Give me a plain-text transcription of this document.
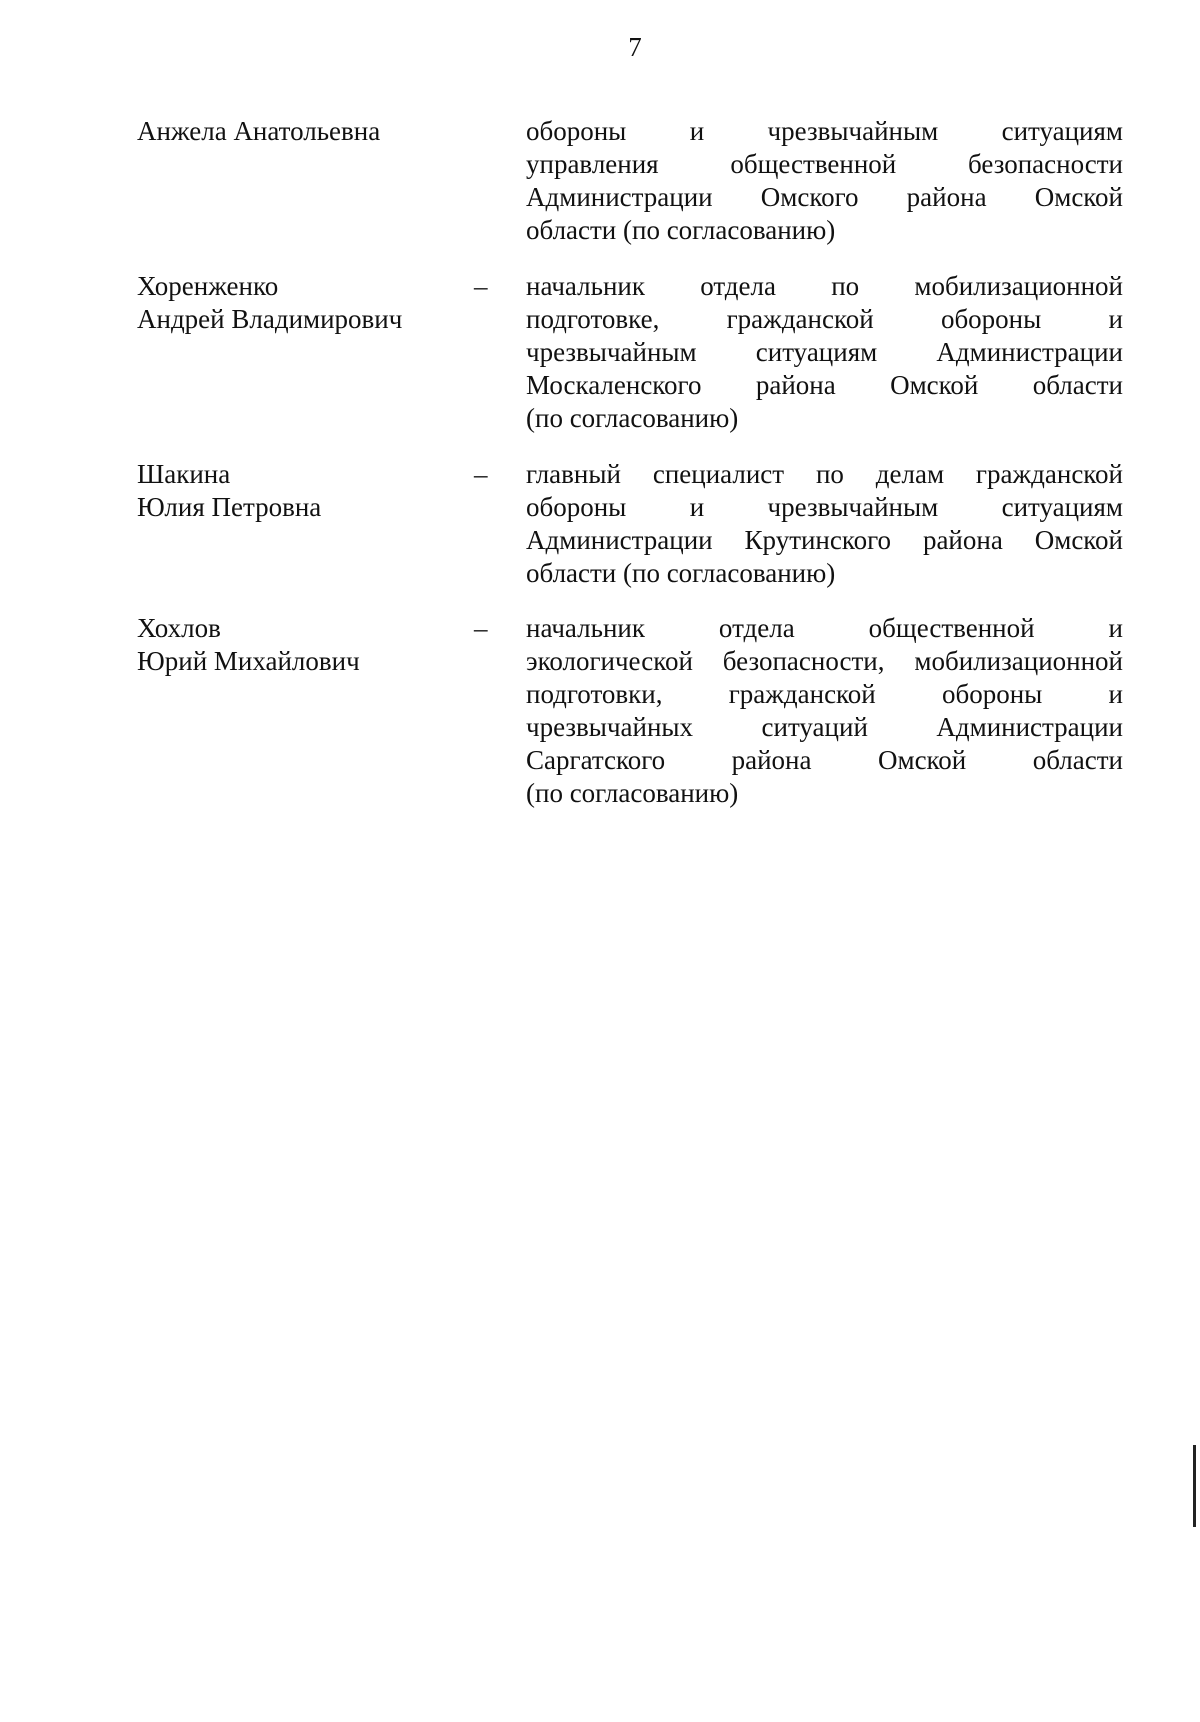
7
Анжела Анатольевна	обороны и чрезвычайным ситуациям
управления общественной безопасности
Администрации Омского района Омской
области (по согласованию)
Хоренженко
Андрей Владимирович
– начальник отдела по мобилизационной
подготовке, гражданской обороны и
чрезвычайным ситуациям Администрации
Москаленского района Омской области
(по согласованию)
Шакина
Юлия Петровна
– главный специалист по делам гражданской
обороны и чрезвычайным ситуациям
Администрации Крутинского района Омской
области (по согласованию)
Хохлов
Юрий Михайлович
– начальник отдела общественной и
экологической безопасности, мобилизационной
подготовки, гражданской обороны и
чрезвычайных ситуаций Администрации
Саргатского района Омской области
(по согласованию)
